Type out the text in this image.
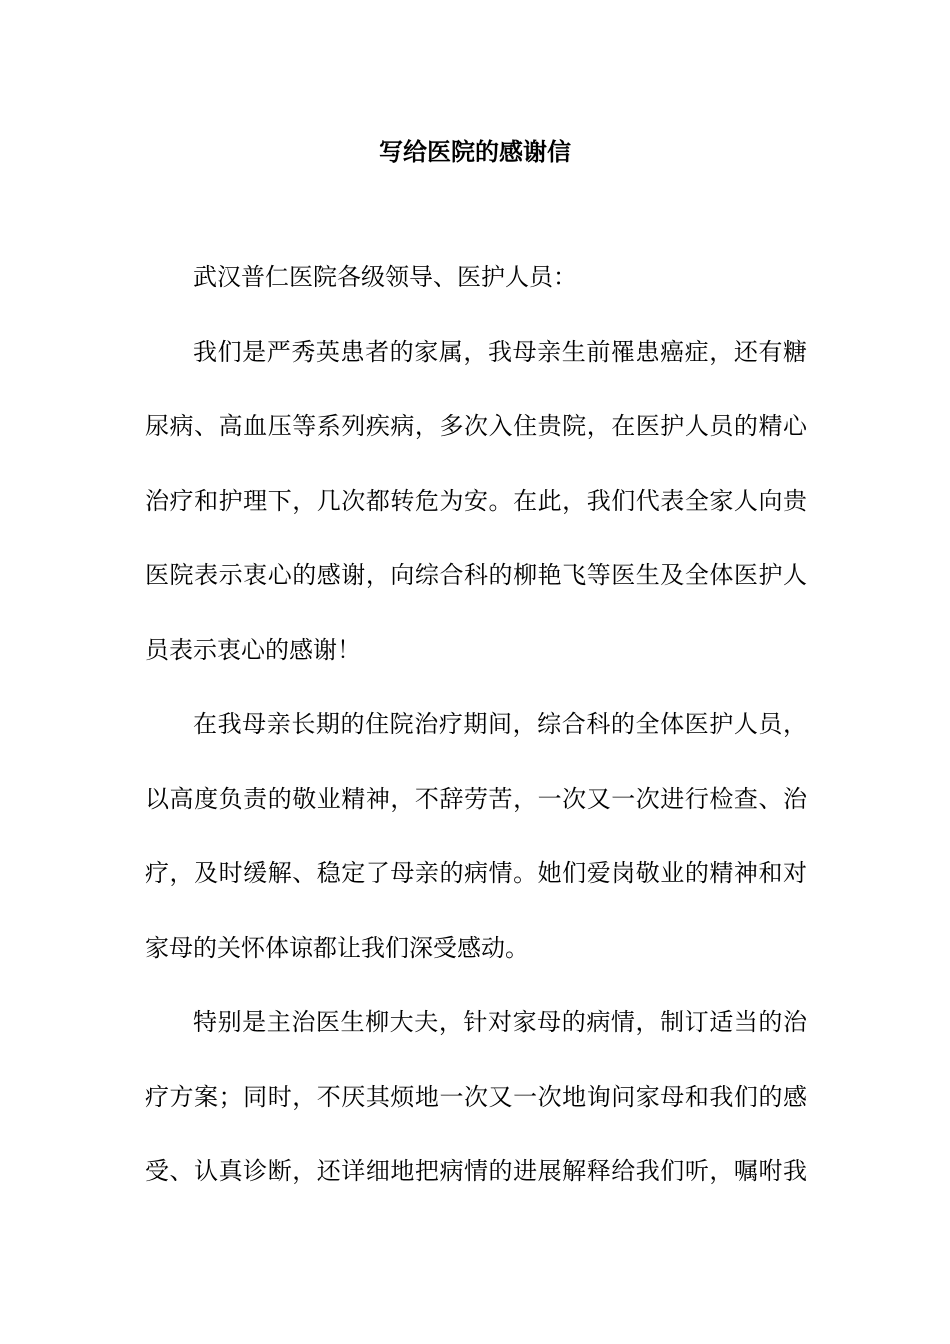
写给医院的感谢信

武汉普仁医院各级领导、医护人员：

我们是严秀英患者的家属，我母亲生前罹患癌症，还有糖

尿病、高血压等系列疾病，多次入住贵院，在医护人员的精心

治疗和护理下，几次都转危为安。在此，我们代表全家人向贵

医院表示衷心的感谢，向综合科的柳艳飞等医生及全体医护人

员表示衷心的感谢！

在我母亲长期的住院治疗期间，综合科的全体医护人员，

以高度负责的敬业精神，不辞劳苦，一次又一次进行检查、治

疗，及时缓解、稳定了母亲的病情。她们爱岗敬业的精神和对

家母的关怀体谅都让我们深受感动。

特别是主治医生柳大夫，针对家母的病情，制订适当的治

疗方案；同时，不厌其烦地一次又一次地询问家母和我们的感

受、认真诊断，还详细地把病情的进展解释给我们听，嘱咐我
